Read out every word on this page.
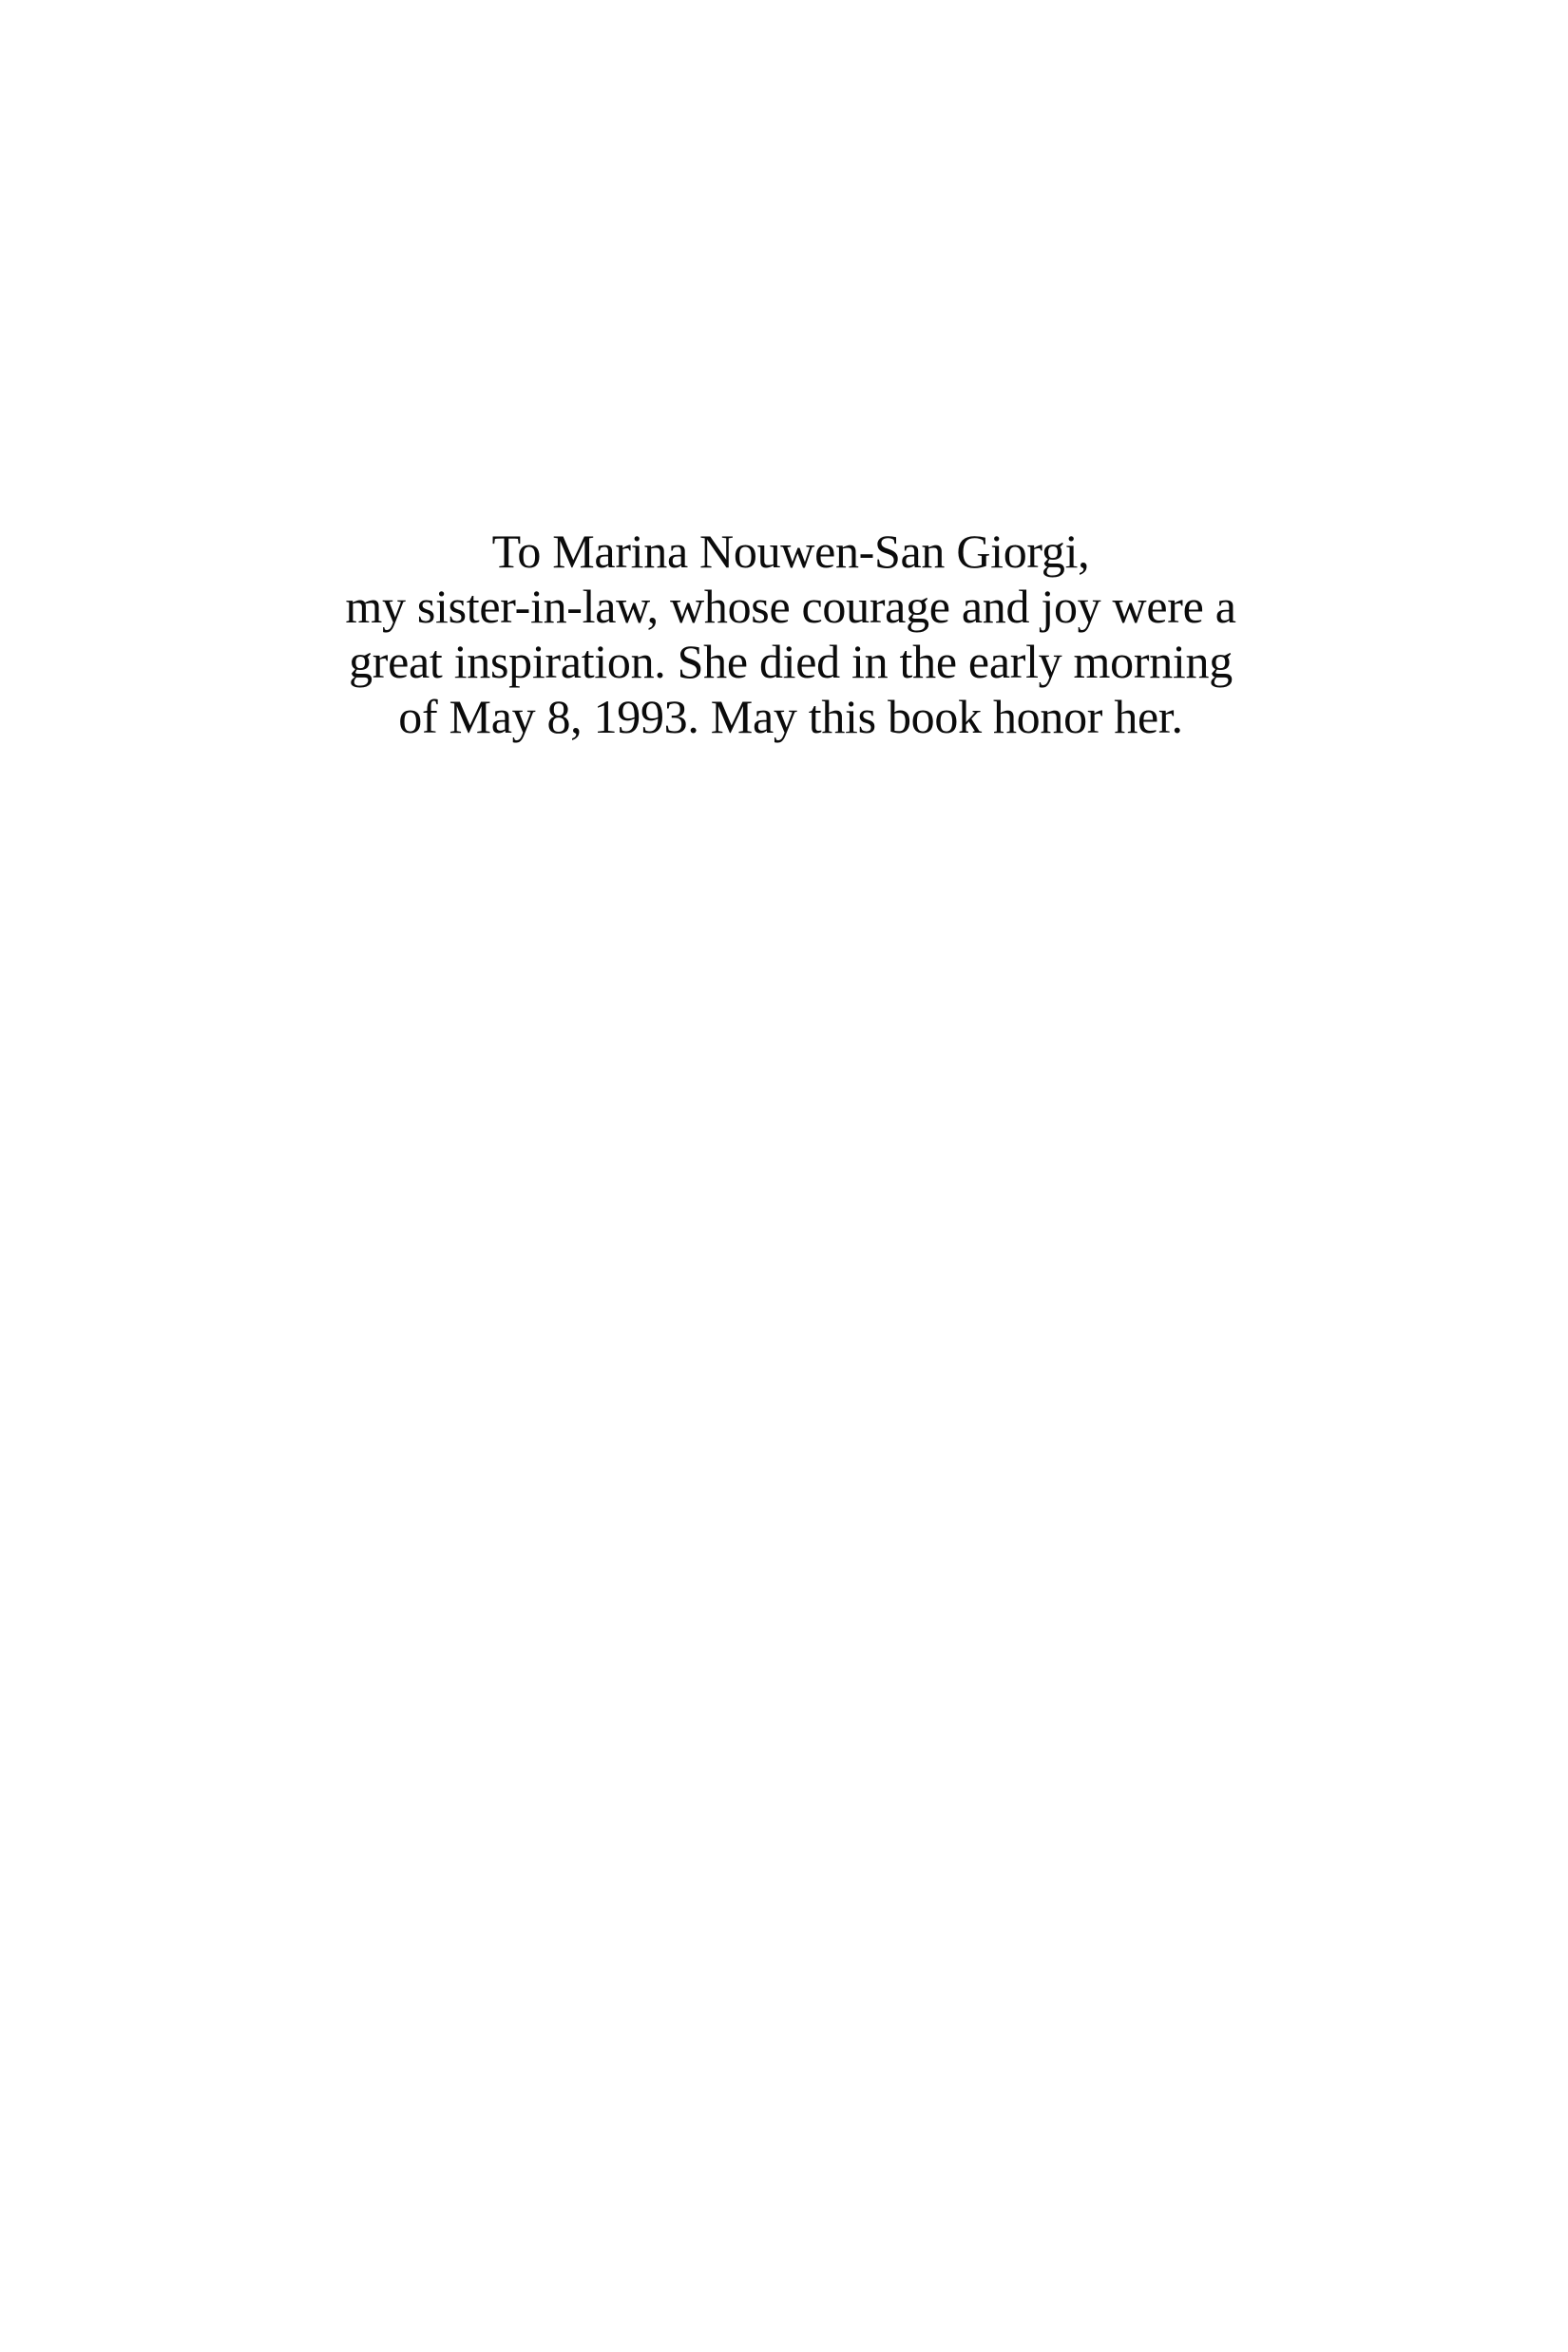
To Marina Nouwen-San Giorgi,
my sister-in-law, whose courage and joy were a
great inspiration. She died in the early morning
of May 8, 1993. May this book honor her.
